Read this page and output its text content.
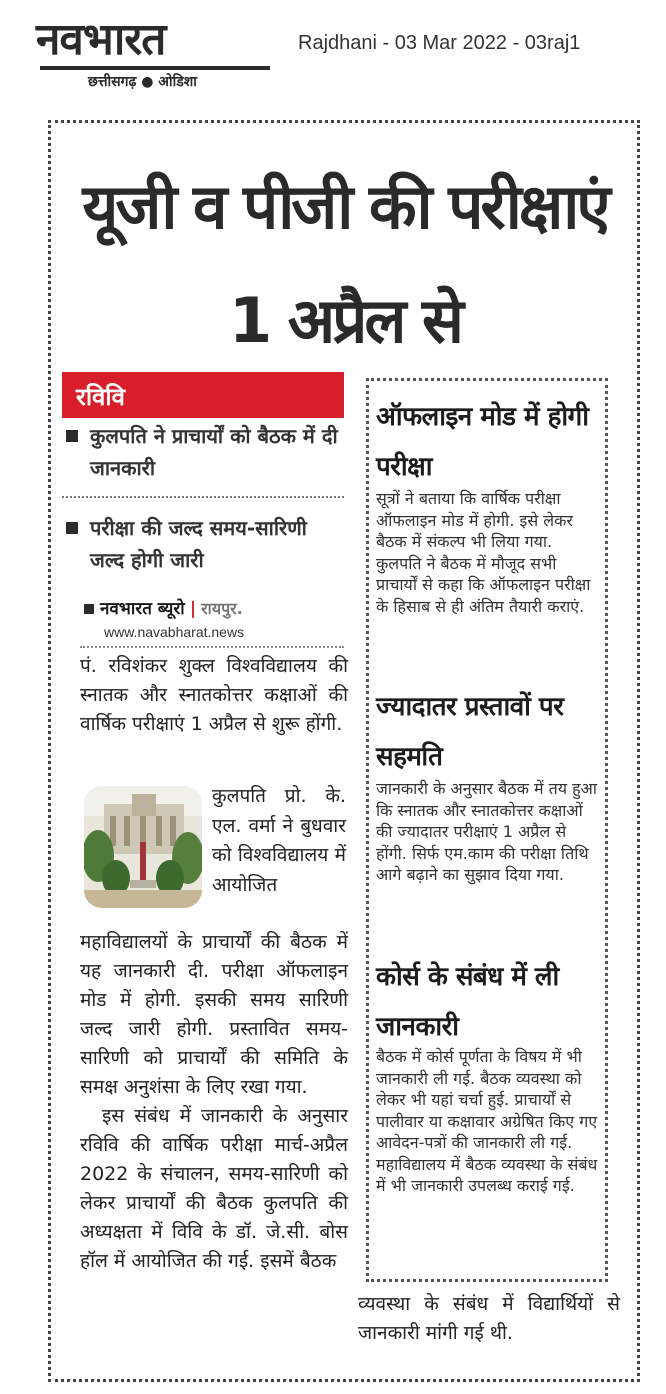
नवभारत
छत्तीसगढ़ ● ओडिशा
Rajdhani - 03 Mar 2022 - 03raj1
यूजी व पीजी की परीक्षाएं 1 अप्रैल से
रविवि
कुलपति ने प्राचार्यों को बैठक में दी जानकारी
परीक्षा की जल्द समय-सारिणी जल्द होगी जारी
नवभारत ब्यूरो | रायपुर.
www.navabharat.news
पं. रविशंकर शुक्ल विश्वविद्यालय की स्नातक और स्नातकोत्तर कक्षाओं की वार्षिक परीक्षाएं 1 अप्रैल से शुरू होंगी.
कुलपति प्रो. के. एल. वर्मा ने बुधवार को विश्वविद्यालय में आयोजित
महाविद्यालयों के प्राचार्यों की बैठक में यह जानकारी दी. परीक्षा ऑफलाइन मोड में होगी. इसकी समय सारिणी जल्द जारी होगी. प्रस्तावित समय-सारिणी को प्राचार्यों की समिति के समक्ष अनुशंसा के लिए रखा गया.
इस संबंध में जानकारी के अनुसार रविवि की वार्षिक परीक्षा मार्च-अप्रैल 2022 के संचालन, समय-सारिणी को लेकर प्राचार्यों की बैठक कुलपति की अध्यक्षता में विवि के डॉ. जे.सी. बोस हॉल में आयोजित की गई. इसमें बैठक
ऑफलाइन मोड में होगी परीक्षा
सूत्रों ने बताया कि वार्षिक परीक्षा ऑफलाइन मोड में होगी. इसे लेकर बैठक में संकल्प भी लिया गया. कुलपति ने बैठक में मौजूद सभी प्राचार्यों से कहा कि ऑफलाइन परीक्षा के हिसाब से ही अंतिम तैयारी कराएं.
ज्यादातर प्रस्तावों पर सहमति
जानकारी के अनुसार बैठक में तय हुआ कि स्नातक और स्नातकोत्तर कक्षाओं की ज्यादातर परीक्षाएं 1 अप्रैल से होंगी. सिर्फ एम.काम की परीक्षा तिथि आगे बढ़ाने का सुझाव दिया गया.
कोर्स के संबंध में ली जानकारी
बैठक में कोर्स पूर्णता के विषय में भी जानकारी ली गई. बैठक व्यवस्था को लेकर भी यहां चर्चा हुई. प्राचार्यों से पालीवार या कक्षावार अग्रेषित किए गए आवेदन-पत्रों की जानकारी ली गई. महाविद्यालय में बैठक व्यवस्था के संबंध में भी जानकारी उपलब्ध कराई गई.
व्यवस्था के संबंध में विद्यार्थियों से जानकारी मांगी गई थी.
